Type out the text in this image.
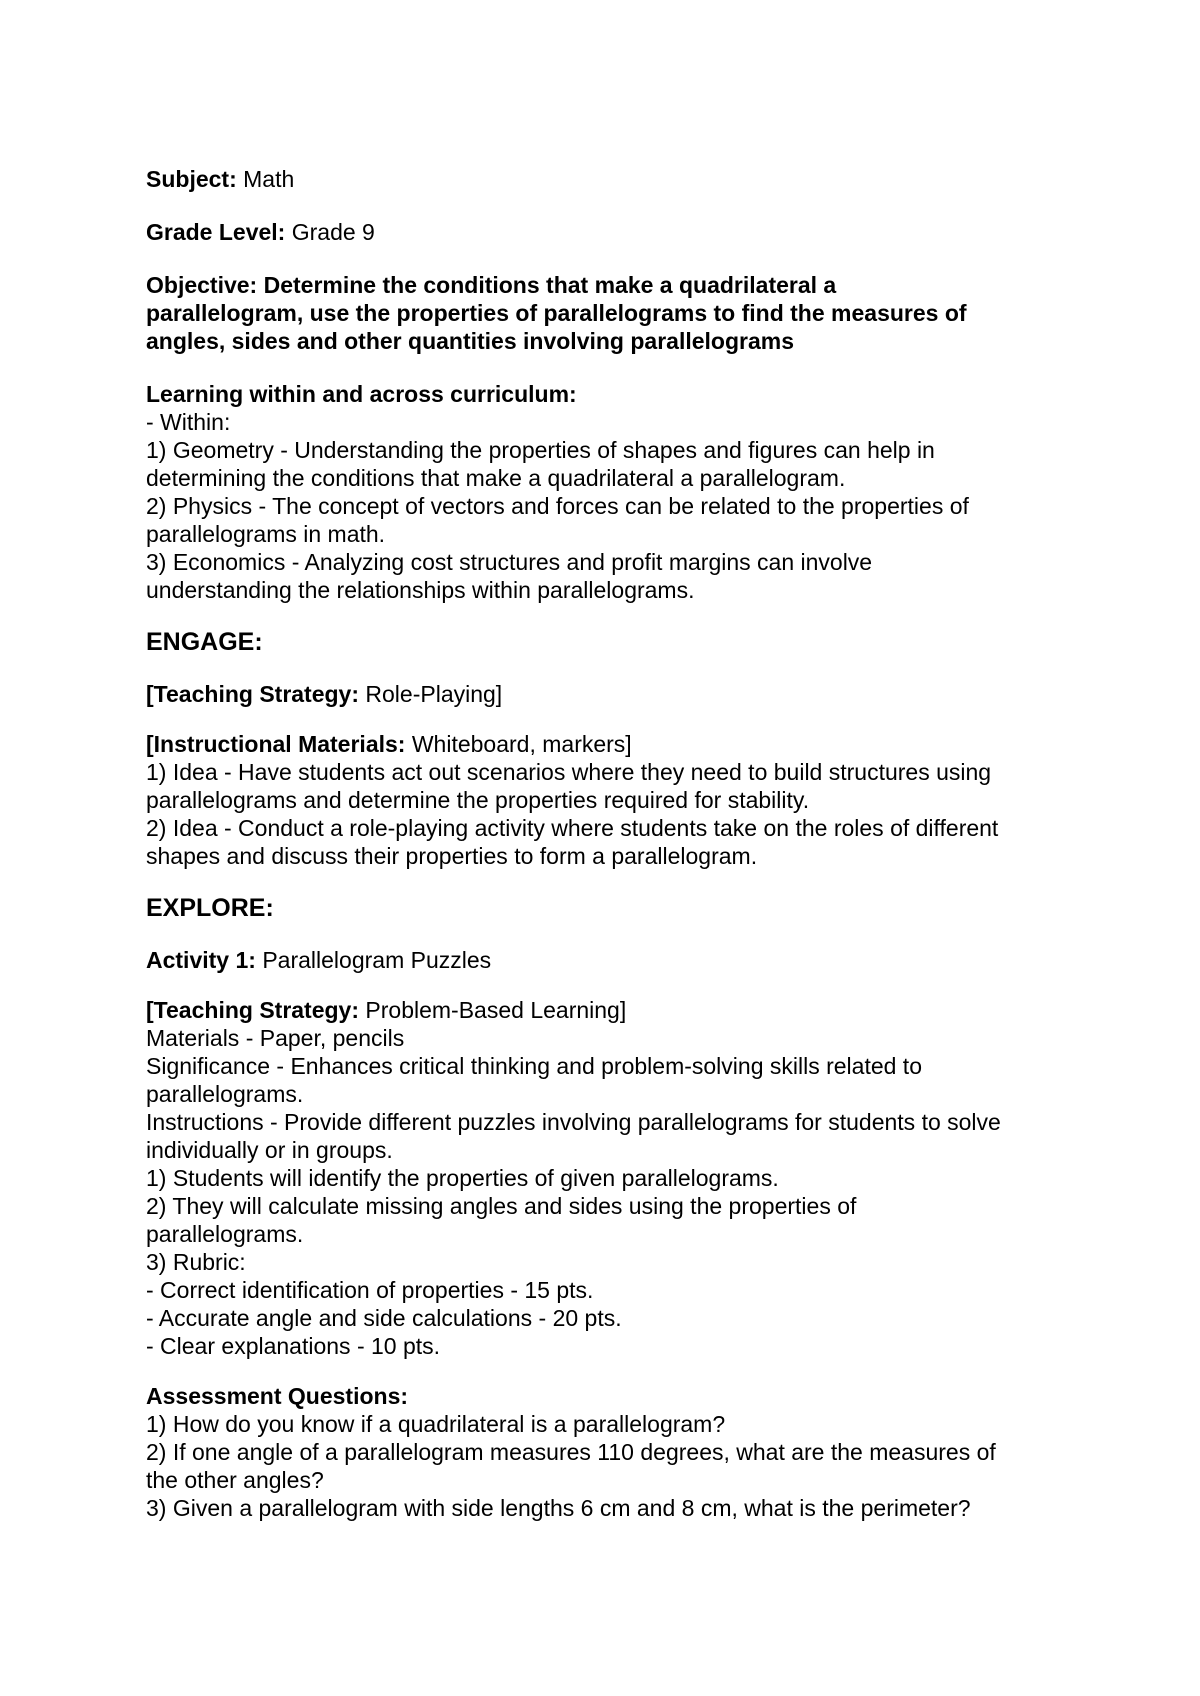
Subject: Math
Grade Level: Grade 9
Objective: Determine the conditions that make a quadrilateral a
parallelogram, use the properties of parallelograms to find the measures of
angles, sides and other quantities involving parallelograms
Learning within and across curriculum:
- Within:
1) Geometry - Understanding the properties of shapes and figures can help in
determining the conditions that make a quadrilateral a parallelogram.
2) Physics - The concept of vectors and forces can be related to the properties of
parallelograms in math.
3) Economics - Analyzing cost structures and profit margins can involve
understanding the relationships within parallelograms.
ENGAGE:
[Teaching Strategy: Role-Playing]
[Instructional Materials: Whiteboard, markers]
1) Idea - Have students act out scenarios where they need to build structures using
parallelograms and determine the properties required for stability.
2) Idea - Conduct a role-playing activity where students take on the roles of different
shapes and discuss their properties to form a parallelogram.
EXPLORE:
Activity 1: Parallelogram Puzzles
[Teaching Strategy: Problem-Based Learning]
Materials - Paper, pencils
Significance - Enhances critical thinking and problem-solving skills related to
parallelograms.
Instructions - Provide different puzzles involving parallelograms for students to solve
individually or in groups.
1) Students will identify the properties of given parallelograms.
2) They will calculate missing angles and sides using the properties of
parallelograms.
3) Rubric:
- Correct identification of properties - 15 pts.
- Accurate angle and side calculations - 20 pts.
- Clear explanations - 10 pts.
Assessment Questions:
1) How do you know if a quadrilateral is a parallelogram?
2) If one angle of a parallelogram measures 110 degrees, what are the measures of
the other angles?
3) Given a parallelogram with side lengths 6 cm and 8 cm, what is the perimeter?
